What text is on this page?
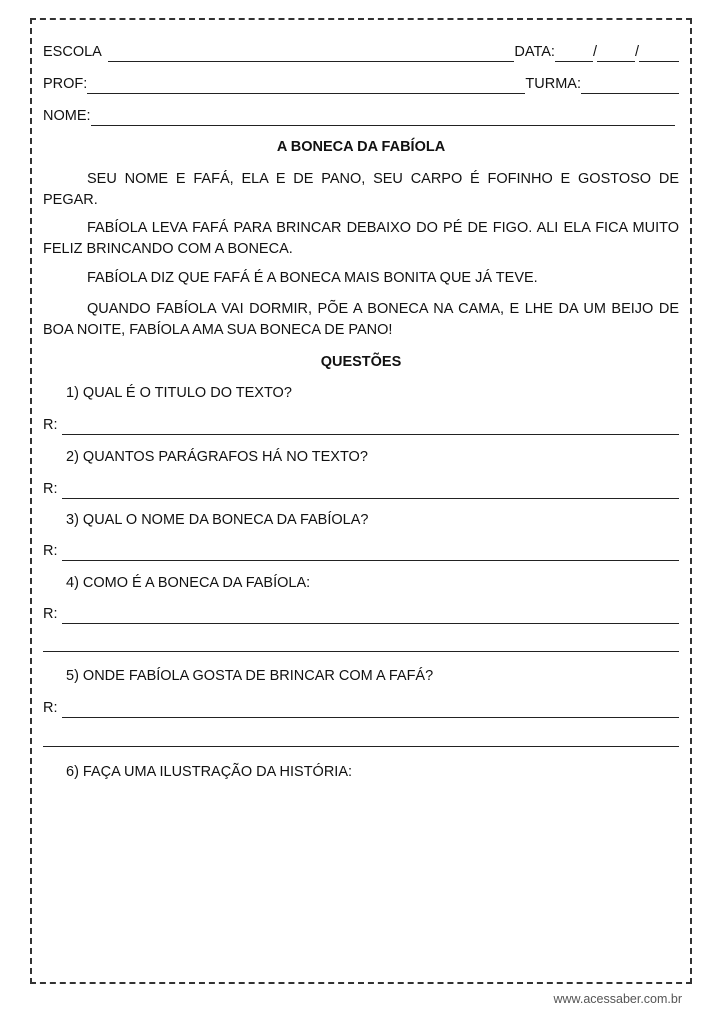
ESCOLA	DATA:	/	/
PROF:	TURMA:
NOME:
A BONECA DA FABÍOLA
SEU NOME E FAFÁ, ELA E DE PANO, SEU CARPO É FOFINHO E GOSTOSO DE PEGAR.
FABÍOLA LEVA FAFÁ PARA BRINCAR DEBAIXO DO PÉ DE FIGO. ALI ELA FICA MUITO FELIZ BRINCANDO COM A BONECA.
FABÍOLA DIZ QUE FAFÁ É A BONECA MAIS BONITA QUE JÁ TEVE.
QUANDO FABÍOLA VAI DORMIR, PÕE A BONECA NA CAMA, E LHE DA UM BEIJO DE BOA NOITE, FABÍOLA AMA SUA BONECA DE PANO!
QUESTÕES
1) QUAL É O TITULO DO TEXTO?
R:
2) QUANTOS PARÁGRAFOS HÁ NO TEXTO?
R:
3) QUAL O NOME DA BONECA DA FABÍOLA?
R:
4) COMO É A BONECA DA FABÍOLA:
R:
5) ONDE FABÍOLA GOSTA DE BRINCAR COM A FAFÁ?
R:
6) FAÇA UMA ILUSTRAÇÃO DA HISTÓRIA:
www.acessaber.com.br
